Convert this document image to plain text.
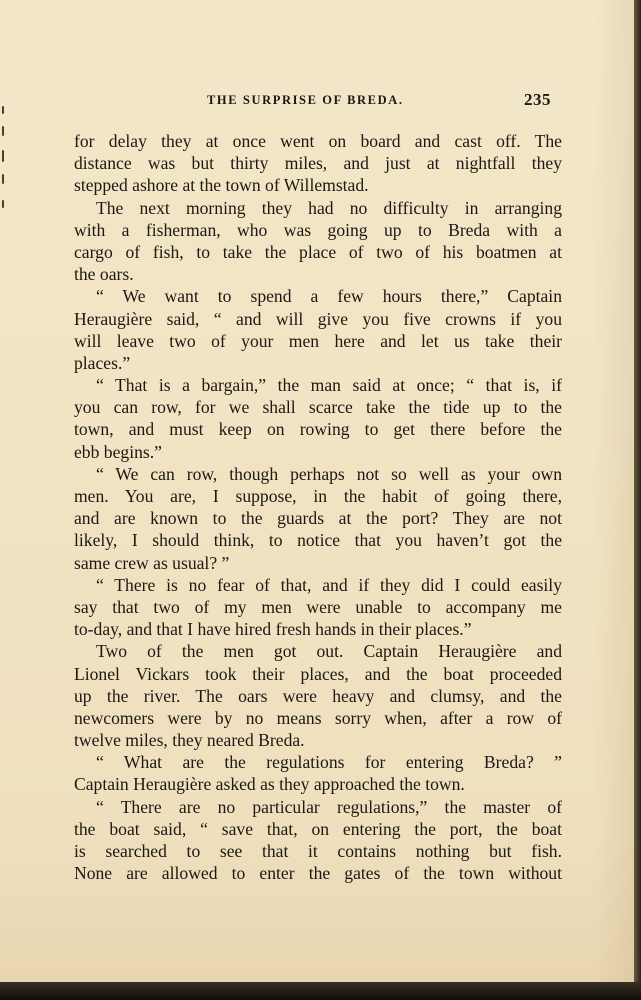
THE SURPRISE OF BREDA.	235
for delay they at once went on board and cast off. The
distance was but thirty miles, and just at nightfall they
stepped ashore at the town of Willemstad.
The next morning they had no difficulty in arranging
with a fisherman, who was going up to Breda with a
cargo of fish, to take the place of two of his boatmen at
the oars.
“ We want to spend a few hours there,” Captain
Heraugière said, “ and will give you five crowns if you
will leave two of your men here and let us take their
places.”
“ That is a bargain,” the man said at once; “ that is, if
you can row, for we shall scarce take the tide up to the
town, and must keep on rowing to get there before the
ebb begins.”
“ We can row, though perhaps not so well as your own
men. You are, I suppose, in the habit of going there,
and are known to the guards at the port? They are not
likely, I should think, to notice that you haven’t got the
same crew as usual? ”
“ There is no fear of that, and if they did I could easily
say that two of my men were unable to accompany me
to-day, and that I have hired fresh hands in their places.”
Two of the men got out. Captain Heraugière and
Lionel Vickars took their places, and the boat proceeded
up the river. The oars were heavy and clumsy, and the
newcomers were by no means sorry when, after a row of
twelve miles, they neared Breda.
“ What are the regulations for entering Breda? ”
Captain Heraugière asked as they approached the town.
“ There are no particular regulations,” the master of
the boat said, “ save that, on entering the port, the boat
is searched to see that it contains nothing but fish.
None are allowed to enter the gates of the town without
